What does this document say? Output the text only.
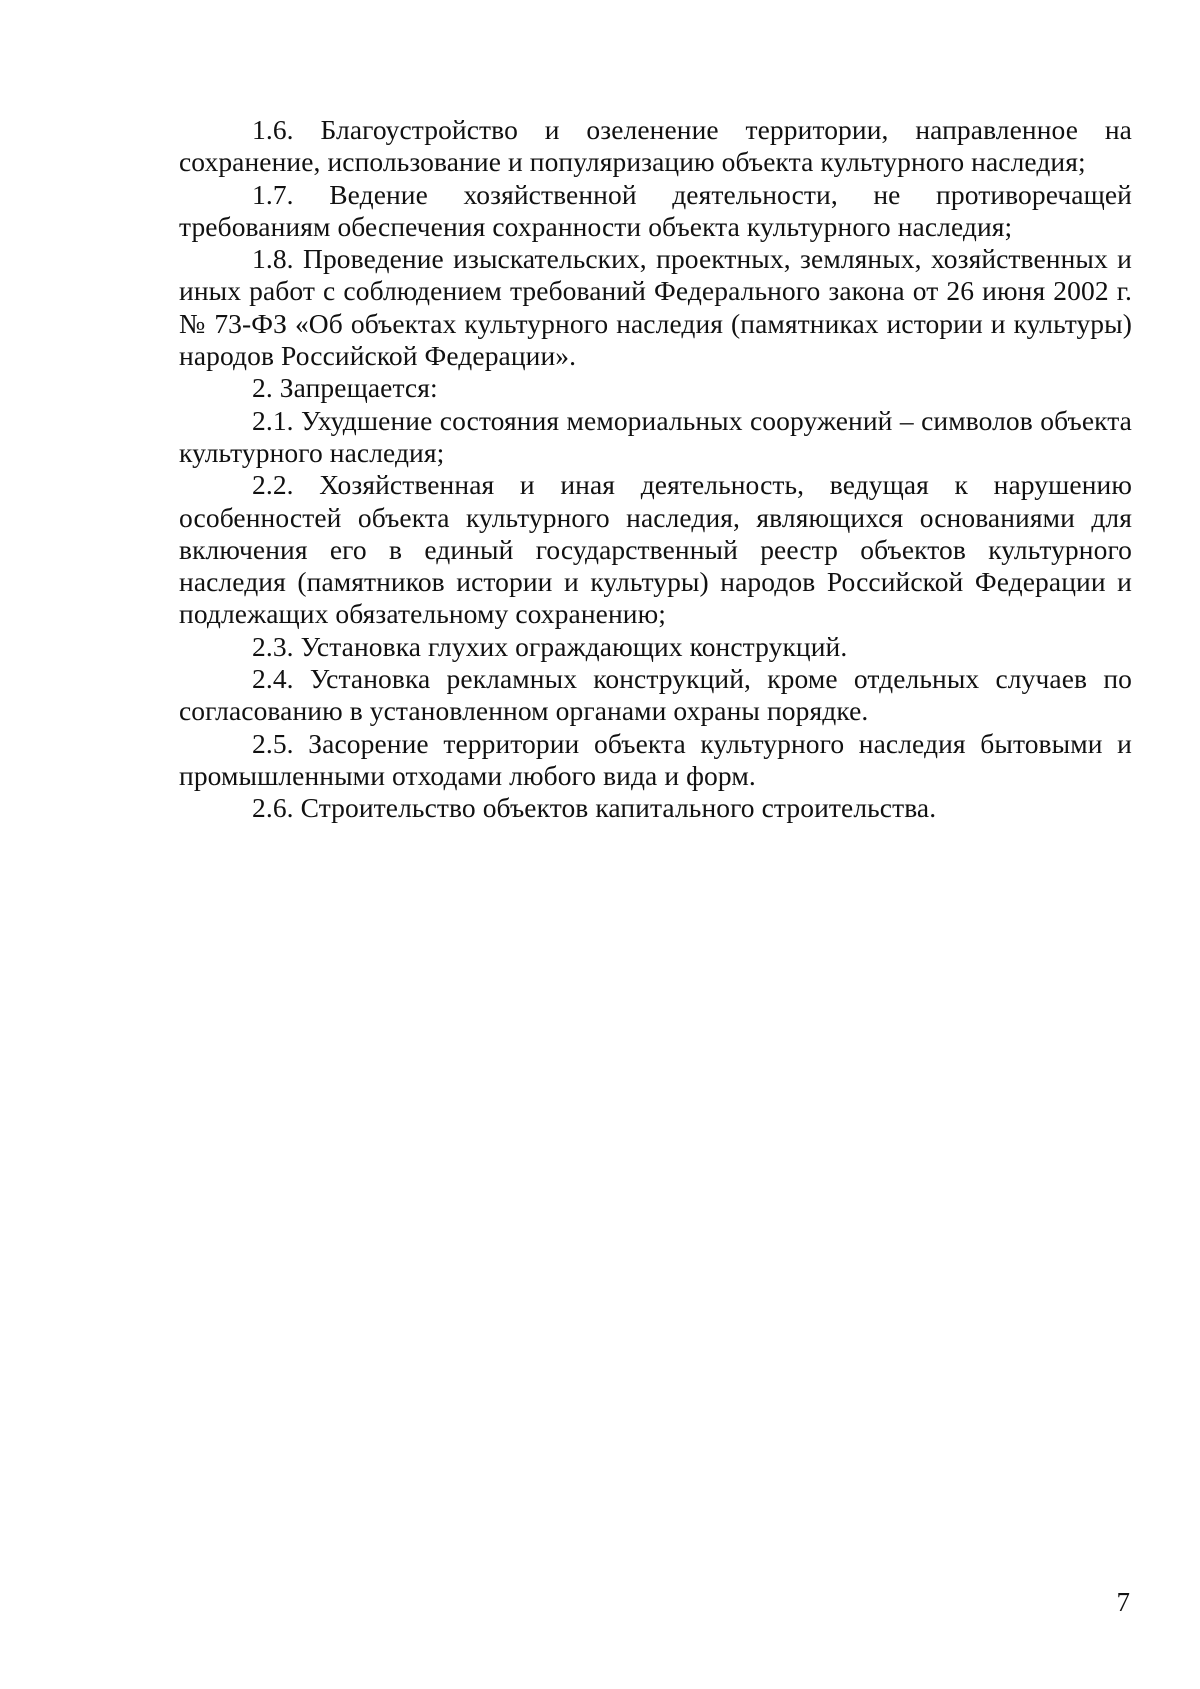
1.6. Благоустройство и озеленение территории, направленное на сохранение, использование и популяризацию объекта культурного наследия;

1.7. Ведение хозяйственной деятельности, не противоречащей требованиям обеспечения сохранности объекта культурного наследия;

1.8. Проведение изыскательских, проектных, земляных, хозяйственных и иных работ с соблюдением требований Федерального закона от 26 июня 2002 г. № 73-ФЗ «Об объектах культурного наследия (памятниках истории и культуры) народов Российской Федерации».

2. Запрещается:

2.1. Ухудшение состояния мемориальных сооружений – символов объекта культурного наследия;

2.2. Хозяйственная и иная деятельность, ведущая к нарушению особенностей объекта культурного наследия, являющихся основаниями для включения его в единый государственный реестр объектов культурного наследия (памятников истории и культуры) народов Российской Федерации и подлежащих обязательному сохранению;

2.3. Установка глухих ограждающих конструкций.

2.4. Установка рекламных конструкций, кроме отдельных случаев по согласованию в установленном органами охраны порядке.

2.5. Засорение территории объекта культурного наследия бытовыми и промышленными отходами любого вида и форм.

2.6. Строительство объектов капитального строительства.

7
